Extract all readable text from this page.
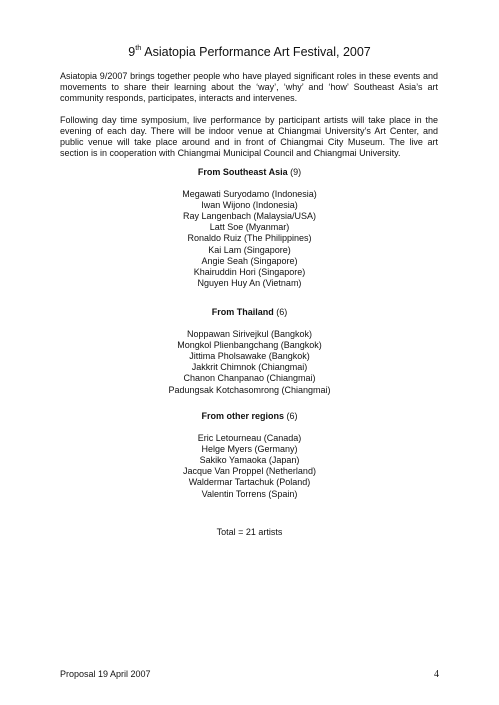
9th Asiatopia Performance Art Festival, 2007

Asiatopia 9/2007 brings together people who have played significant roles in these events and movements to share their learning about the ‘way’, ‘why’ and ‘how’ Southeast Asia’s art community responds, participates, interacts and intervenes.

Following day time symposium, live performance by participant artists will take place in the evening of each day. There will be indoor venue at Chiangmai University’s Art Center, and public venue will take place around and in front of Chiangmai City Museum. The live art section is in cooperation with Chiangmai Municipal Council and Chiangmai University.

From Southeast Asia (9)
Megawati Suryodamo (Indonesia)
Iwan Wijono (Indonesia)
Ray Langenbach (Malaysia/USA)
Latt Soe (Myanmar)
Ronaldo Ruiz (The Philippines)
Kai Lam (Singapore)
Angie Seah (Singapore)
Khairuddin Hori (Singapore)
Nguyen Huy An (Vietnam)
From Thailand (6)
Noppawan Sirivejkul (Bangkok)
Mongkol Plienbangchang (Bangkok)
Jittima Pholsawake (Bangkok)
Jakkrit Chimnok (Chiangmai)
Chanon Chanpanao (Chiangmai)
Padungsak Kotchasomrong (Chiangmai)
From other regions (6)
Eric Letourneau (Canada)
Helge Myers (Germany)
Sakiko Yamaoka (Japan)
Jacque Van Proppel (Netherland)
Waldermar Tartachuk (Poland)
Valentin Torrens (Spain)
Total = 21 artists
Proposal 19 April 2007	4
